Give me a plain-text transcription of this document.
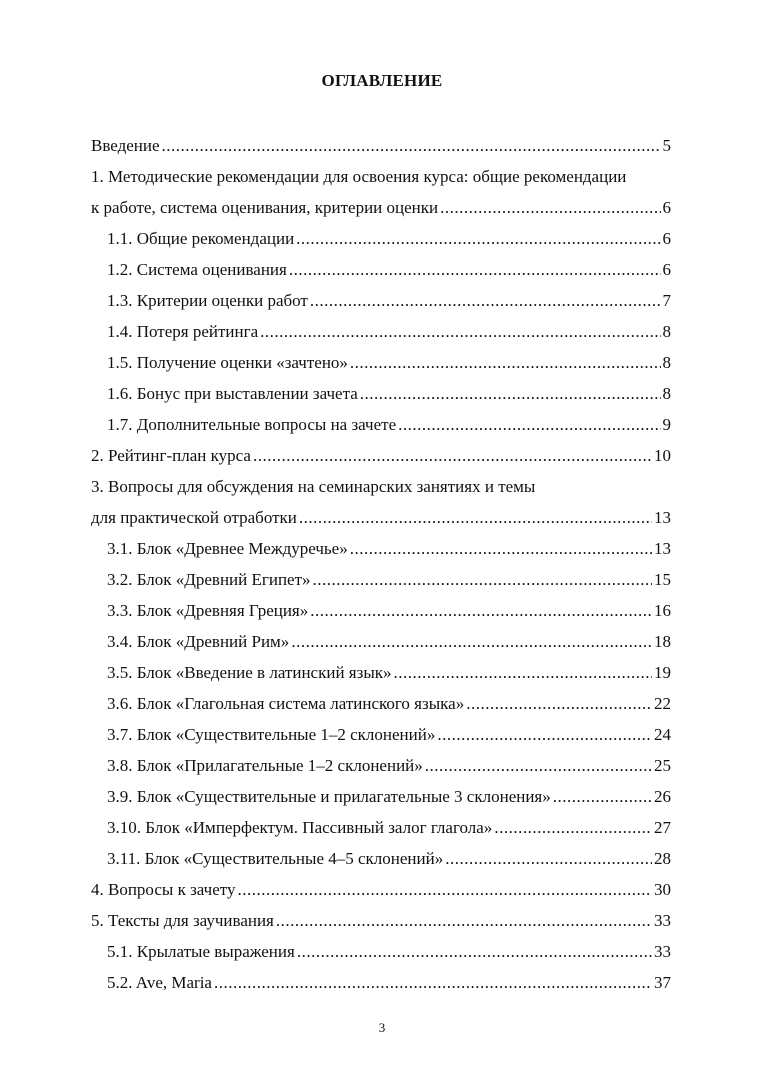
ОГЛАВЛЕНИЕ
Введение .....	5
1. Методические рекомендации для освоения курса: общие рекомендации
к работе, система оценивания, критерии оценки .....	6
1.1. Общие рекомендации .....	6
1.2. Система оценивания .....	6
1.3. Критерии оценки работ .....	7
1.4. Потеря рейтинга .....	8
1.5. Получение оценки «зачтено» .....	8
1.6. Бонус при выставлении зачета .....	8
1.7. Дополнительные вопросы на зачете .....	9
2. Рейтинг-план курса .....	10
3. Вопросы для обсуждения на семинарских занятиях и темы
для практической отработки .....	13
3.1. Блок «Древнее Междуречье» .....	13
3.2. Блок «Древний Египет» .....	15
3.3. Блок «Древняя Греция» .....	16
3.4. Блок «Древний Рим» .....	18
3.5. Блок «Введение в латинский язык» .....	19
3.6. Блок «Глагольная система латинского языка» .....	22
3.7. Блок «Существительные 1–2 склонений» .....	24
3.8. Блок «Прилагательные 1–2 склонений» .....	25
3.9. Блок «Существительные и прилагательные 3 склонения» .....	26
3.10. Блок «Имперфектум. Пассивный залог глагола» .....	27
3.11. Блок «Существительные 4–5 склонений» .....	28
4. Вопросы к зачету .....	30
5. Тексты для заучивания .....	33
5.1. Крылатые выражения .....	33
5.2. Ave, Maria .....	37
3
